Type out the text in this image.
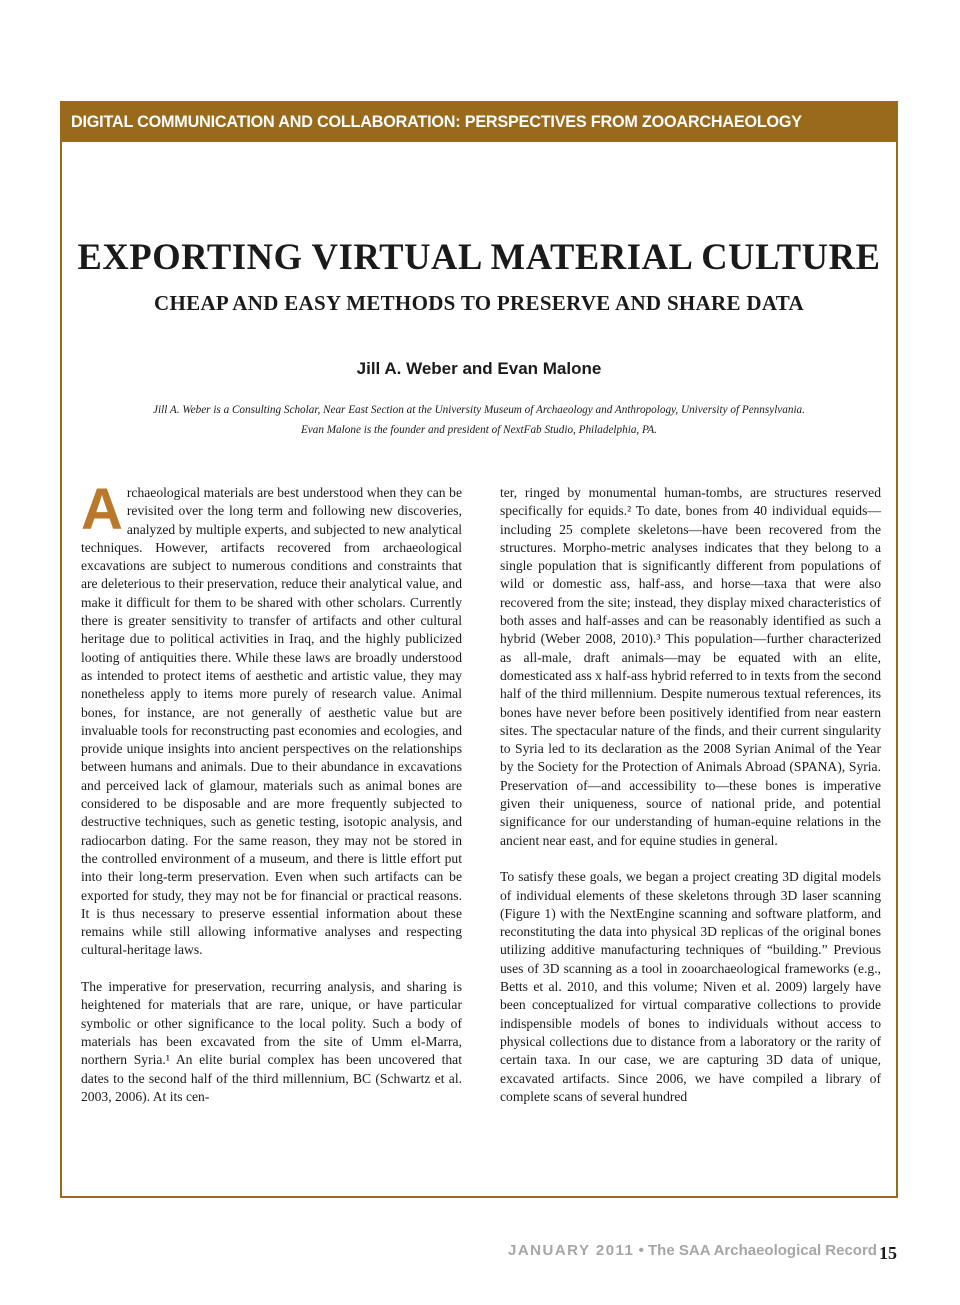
DIGITAL COMMUNICATION AND COLLABORATION: PERSPECTIVES FROM ZOOARCHAEOLOGY
EXPORTING VIRTUAL MATERIAL CULTURE
CHEAP AND EASY METHODS TO PRESERVE AND SHARE DATA
Jill A. Weber and Evan Malone
Jill A. Weber is a Consulting Scholar, Near East Section at the University Museum of Archaeology and Anthropology, University of Pennsylvania.
Evan Malone is the founder and president of NextFab Studio, Philadelphia, PA.

Archaeological materials are best understood when they can be revisited over the long term and following new discoveries, analyzed by multiple experts, and subjected to new analytical techniques. However, artifacts recovered from archaeological excavations are subject to numerous conditions and constraints that are deleterious to their preservation, reduce their analytical value, and make it difficult for them to be shared with other scholars. Currently there is greater sensitivity to transfer of artifacts and other cultural heritage due to political activities in Iraq, and the highly publicized looting of antiquities there. While these laws are broadly understood as intended to protect items of aesthetic and artistic value, they may nonetheless apply to items more purely of research value. Animal bones, for instance, are not generally of aesthetic value but are invaluable tools for reconstructing past economies and ecologies, and provide unique insights into ancient perspectives on the relationships between humans and animals. Due to their abundance in excavations and perceived lack of glamour, materials such as animal bones are considered to be disposable and are more frequently subjected to destructive techniques, such as genetic testing, isotopic analysis, and radiocarbon dating. For the same reason, they may not be stored in the controlled environment of a museum, and there is little effort put into their long-term preservation. Even when such artifacts can be exported for study, they may not be for financial or practical reasons. It is thus necessary to preserve essential information about these remains while still allowing informative analyses and respecting cultural-heritage laws.

The imperative for preservation, recurring analysis, and sharing is heightened for materials that are rare, unique, or have particular symbolic or other significance to the local polity. Such a body of materials has been excavated from the site of Umm el-Marra, northern Syria.¹ An elite burial complex has been uncovered that dates to the second half of the third millennium, BC (Schwartz et al. 2003, 2006). At its cen-

ter, ringed by monumental human-tombs, are structures reserved specifically for equids.² To date, bones from 40 individual equids—including 25 complete skeletons—have been recovered from the structures. Morpho-metric analyses indicates that they belong to a single population that is significantly different from populations of wild or domestic ass, half-ass, and horse—taxa that were also recovered from the site; instead, they display mixed characteristics of both asses and half-asses and can be reasonably identified as such a hybrid (Weber 2008, 2010).³ This population—further characterized as all-male, draft animals—may be equated with an elite, domesticated ass x half-ass hybrid referred to in texts from the second half of the third millennium. Despite numerous textual references, its bones have never before been positively identified from near eastern sites. The spectacular nature of the finds, and their current singularity to Syria led to its declaration as the 2008 Syrian Animal of the Year by the Society for the Protection of Animals Abroad (SPANA), Syria. Preservation of—and accessibility to—these bones is imperative given their uniqueness, source of national pride, and potential significance for our understanding of human-equine relations in the ancient near east, and for equine studies in general.

To satisfy these goals, we began a project creating 3D digital models of individual elements of these skeletons through 3D laser scanning (Figure 1) with the NextEngine scanning and software platform, and reconstituting the data into physical 3D replicas of the original bones utilizing additive manufacturing techniques of “building.” Previous uses of 3D scanning as a tool in zooarchaeological frameworks (e.g., Betts et al. 2010, and this volume; Niven et al. 2009) largely have been conceptualized for virtual comparative collections to provide indispensible models of bones to individuals without access to physical collections due to distance from a laboratory or the rarity of certain taxa. In our case, we are capturing 3D data of unique, excavated artifacts. Since 2006, we have compiled a library of complete scans of several hundred

JANUARY 2011 • The SAA Archaeological Record 15
